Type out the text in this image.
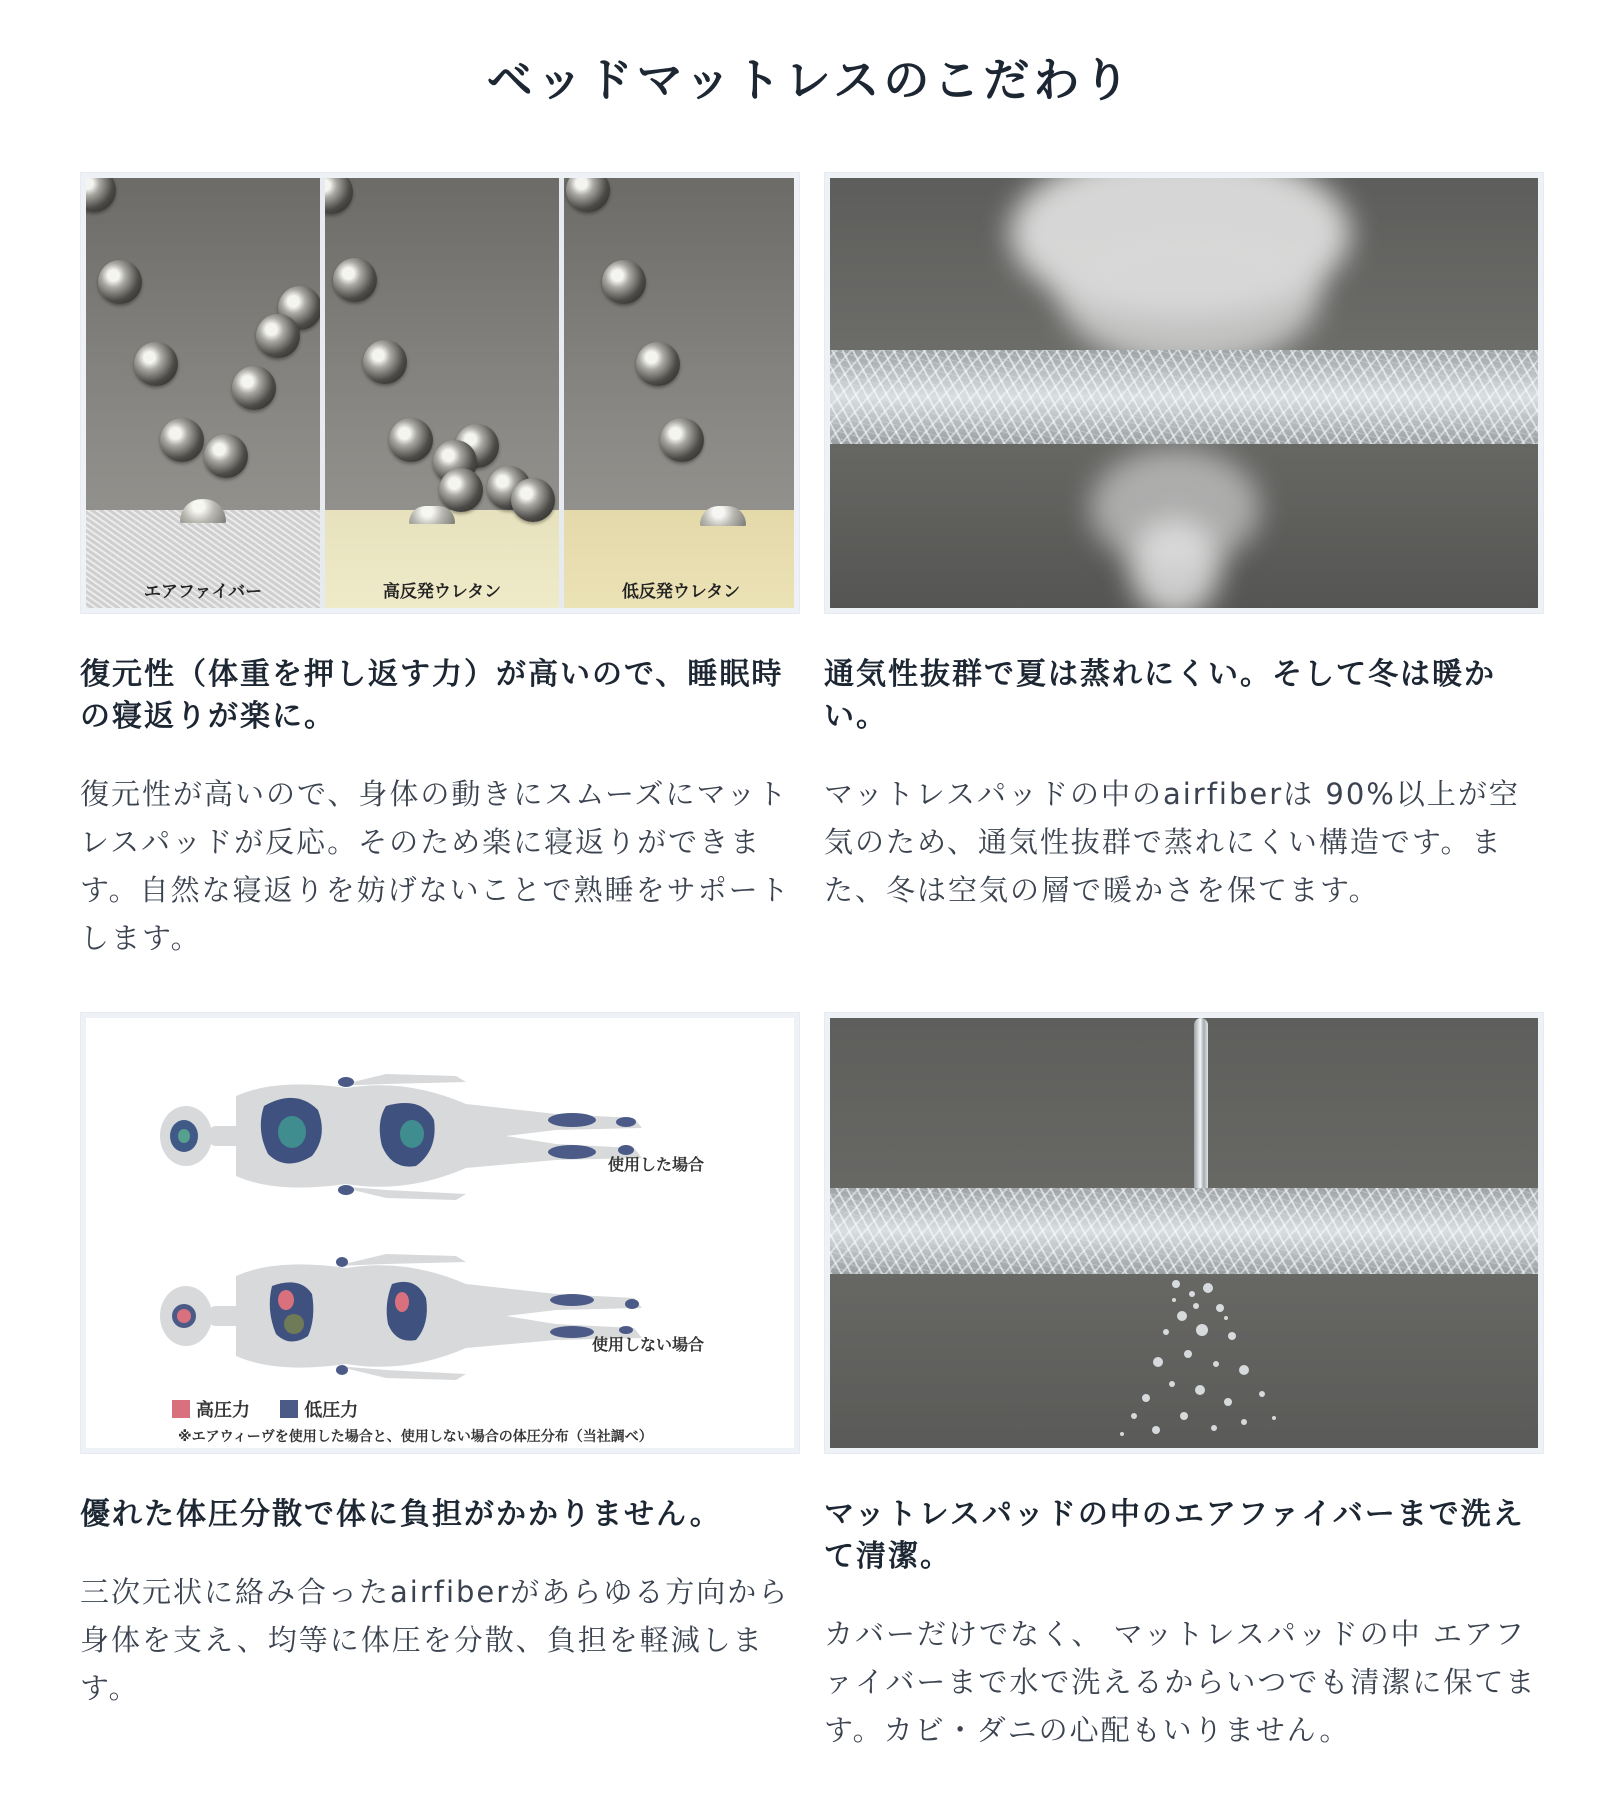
ベッドマットレスのこだわり
エアファイバー	高反発ウレタン	低反発ウレタン
復元性（体重を押し返す力）が高いので、睡眠時の寝返りが楽に。

復元性が高いので、身体の動きにスムーズにマットレスパッドが反応。そのため楽に寝返りができます。自然な寝返りを妨げないことで熟睡をサポートします。

通気性抜群で夏は蒸れにくい。そして冬は暖かい。

マットレスパッドの中のairfiberは 90%以上が空気のため、通気性抜群で蒸れにくい構造です。また、冬は空気の層で暖かさを保てます。

使用した場合
使用しない場合
高圧力	低圧力
※エアウィーヴを使用した場合と、使用しない場合の体圧分布（当社調べ）
優れた体圧分散で体に負担がかかりません。

三次元状に絡み合ったairfiberがあらゆる方向から身体を支え、均等に体圧を分散、負担を軽減します。

マットレスパッドの中のエアファイバーまで洗えて清潔。

カバーだけでなく、 マットレスパッドの中 エアファイバーまで水で洗えるからいつでも清潔に保てます。カビ・ダニの心配もいりません。
